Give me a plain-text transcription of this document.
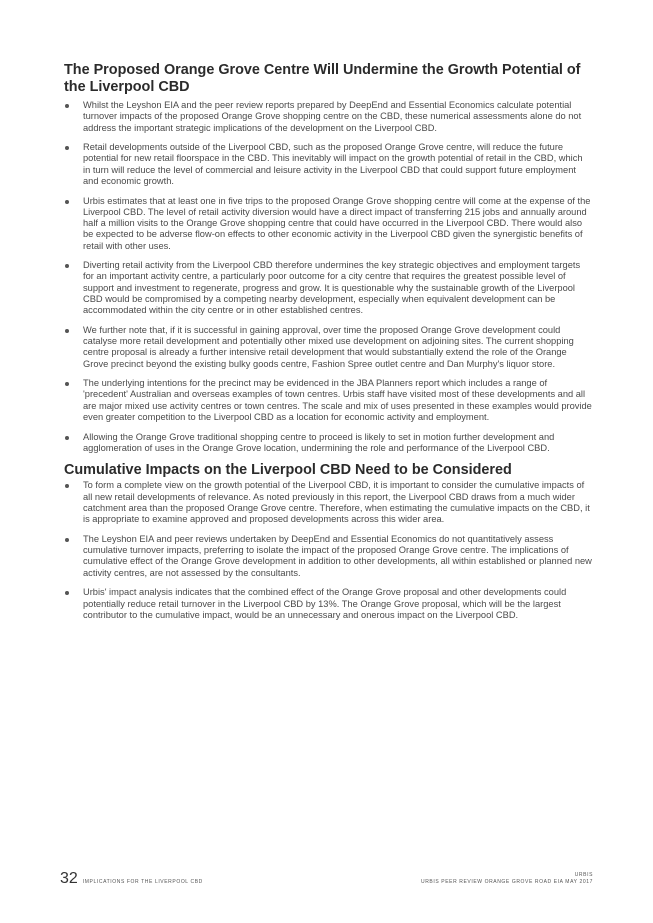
The Proposed Orange Grove Centre Will Undermine the Growth Potential of the Liverpool CBD
Whilst the Leyshon EIA and the peer review reports prepared by DeepEnd and Essential Economics calculate potential turnover impacts of the proposed Orange Grove shopping centre on the CBD, these numerical assessments alone do not address the important strategic implications of the development on the Liverpool CBD.
Retail developments outside of the Liverpool CBD, such as the proposed Orange Grove centre, will reduce the future potential for new retail floorspace in the CBD. This inevitably will impact on the growth potential of retail in the CBD, which in turn will reduce the level of commercial and leisure activity in the Liverpool CBD that could support future employment and economic growth.
Urbis estimates that at least one in five trips to the proposed Orange Grove shopping centre will come at the expense of the Liverpool CBD. The level of retail activity diversion would have a direct impact of transferring 215 jobs and annually around half a million visits to the Orange Grove shopping centre that could have occurred in the Liverpool CBD. There would also be expected to be adverse flow-on effects to other economic activity in the Liverpool CBD given the synergistic benefits of retail with other uses.
Diverting retail activity from the Liverpool CBD therefore undermines the key strategic objectives and employment targets for an important activity centre, a particularly poor outcome for a city centre that requires the greatest possible level of support and investment to regenerate, progress and grow. It is questionable why the sustainable growth of the Liverpool CBD would be compromised by a competing nearby development, especially when equivalent development can be accommodated within the city centre or in other established centres.
We further note that, if it is successful in gaining approval, over time the proposed Orange Grove development could catalyse more retail development and potentially other mixed use development on adjoining sites. The current shopping centre proposal is already a further intensive retail development that would substantially extend the role of the Orange Grove precinct beyond the existing bulky goods centre, Fashion Spree outlet centre and Dan Murphy's liquor store.
The underlying intentions for the precinct may be evidenced in the JBA Planners report which includes a range of 'precedent' Australian and overseas examples of town centres. Urbis staff have visited most of these developments and all are major mixed use activity centres or town centres. The scale and mix of uses presented in these examples would provide even greater competition to the Liverpool CBD as a location for economic activity and employment.
Allowing the Orange Grove traditional shopping centre to proceed is likely to set in motion further development and agglomeration of uses in the Orange Grove location, undermining the role and performance of the Liverpool CBD.
Cumulative Impacts on the Liverpool CBD Need to be Considered
To form a complete view on the growth potential of the Liverpool CBD, it is important to consider the cumulative impacts of all new retail developments of relevance. As noted previously in this report, the Liverpool CBD draws from a much wider catchment area than the proposed Orange Grove centre. Therefore, when estimating the cumulative impacts on the CBD, it is appropriate to examine approved and proposed developments across this wider area.
The Leyshon EIA and peer reviews undertaken by DeepEnd and Essential Economics do not quantitatively assess cumulative turnover impacts, preferring to isolate the impact of the proposed Orange Grove centre. The implications of cumulative effect of the Orange Grove development in addition to other developments, all within established or planned new activity centres, are not assessed by the consultants.
Urbis' impact analysis indicates that the combined effect of the Orange Grove proposal and other developments could potentially reduce retail turnover in the Liverpool CBD by 13%. The Orange Grove proposal, which will be the largest contributor to the cumulative impact, would be an unnecessary and onerous impact on the Liverpool CBD.
32 IMPLICATIONS FOR THE LIVERPOOL CBD
URBIS
URBIS PEER REVIEW ORANGE GROVE ROAD EIA MAY 2017
